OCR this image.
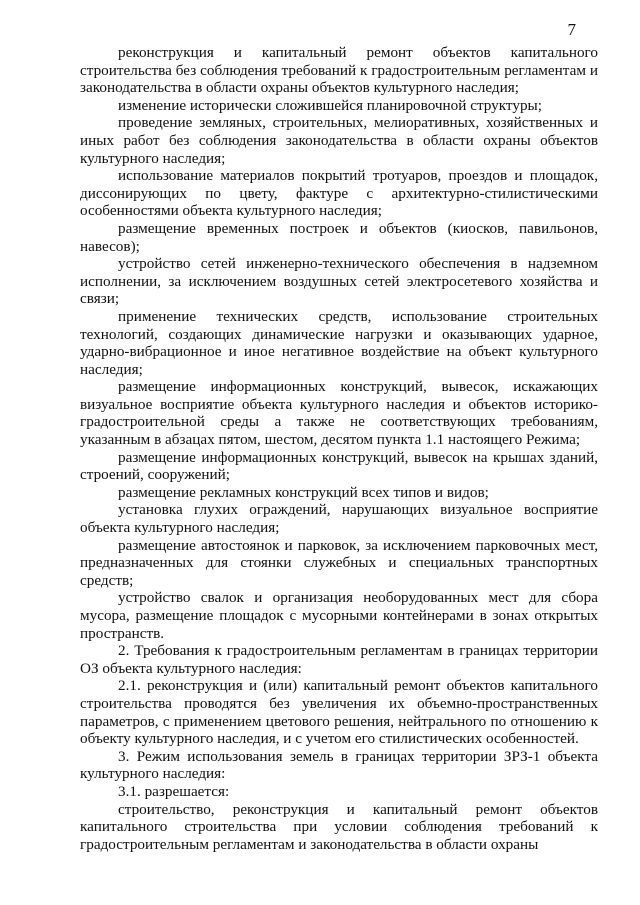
7

реконструкция и капитальный ремонт объектов капитального строительства без соблюдения требований к градостроительным регламентам и законодательства в области охраны объектов культурного наследия;

изменение исторически сложившейся планировочной структуры;

проведение земляных, строительных, мелиоративных, хозяйственных и иных работ без соблюдения законодательства в области охраны объектов культурного наследия;

использование материалов покрытий тротуаров, проездов и площадок, диссонирующих по цвету, фактуре с архитектурно-стилистическими особенностями объекта культурного наследия;

размещение временных построек и объектов (киосков, павильонов, навесов);

устройство сетей инженерно-технического обеспечения в надземном исполнении, за исключением воздушных сетей электросетевого хозяйства и связи;

применение технических средств, использование строительных технологий, создающих динамические нагрузки и оказывающих ударное, ударно-вибрационное и иное негативное воздействие на объект культурного наследия;

размещение информационных конструкций, вывесок, искажающих визуальное восприятие объекта культурного наследия и объектов историко-градостроительной среды а также не соответствующих требованиям, указанным в абзацах пятом, шестом, десятом пункта 1.1 настоящего Режима;

размещение информационных конструкций, вывесок на крышах зданий, строений, сооружений;

размещение рекламных конструкций всех типов и видов;

установка глухих ограждений, нарушающих визуальное восприятие объекта культурного наследия;

размещение автостоянок и парковок, за исключением парковочных мест, предназначенных для стоянки служебных и специальных транспортных средств;

устройство свалок и организация необорудованных мест для сбора мусора, размещение площадок с мусорными контейнерами в зонах открытых пространств.

2. Требования к градостроительным регламентам в границах территории ОЗ объекта культурного наследия:

2.1. реконструкция и (или) капитальный ремонт объектов капитального строительства проводятся без увеличения их объемно-пространственных параметров, с применением цветового решения, нейтрального по отношению к объекту культурного наследия, и с учетом его стилистических особенностей.

3. Режим использования земель в границах территории ЗРЗ-1 объекта культурного наследия:

3.1. разрешается:

строительство, реконструкция и капитальный ремонт объектов капитального строительства при условии соблюдения требований к градостроительным регламентам и законодательства в области охраны
